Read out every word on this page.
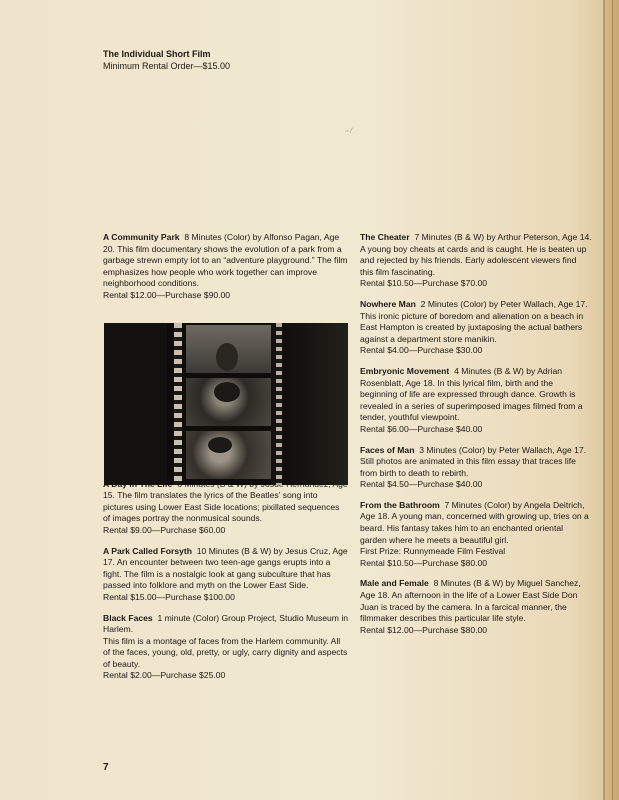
The Individual Short Film
Minimum Rental Order—$15.00
~ ⁄

A Community Park 8 Minutes (Color) by Alfonso Pagan, Age 20. This film documentary shows the evolution of a park from a garbage strewn empty lot to an “adventure playground.” The film emphasizes how people who work together can improve neighborhood conditions.

Rental $12.00—Purchase $90.00

15. The film translates the lyrics of the Beatles' song into pictures using Lower East Side locations; pixillated sequences of images portray the nonmusical sounds.

Rental $9.00—Purchase $60.00

A Park Called Forsyth 10 Minutes (B & W) by Jesus Cruz, Age 17. An encounter between two teen-age gangs erupts into a fight. The film is a nostalgic look at gang subculture that has passed into folklore and myth on the Lower East Side.

Rental $15.00—Purchase $100.00

Black Faces 1 minute (Color) Group Project, Studio Museum in Harlem.

This film is a montage of faces from the Harlem community. All of the faces, young, old, pretty, or ugly, carry dignity and aspects of beauty.

Rental $2.00—Purchase $25.00

The Cheater 7 Minutes (B & W) by Arthur Peterson, Age 14. A young boy cheats at cards and is caught. He is beaten up and rejected by his friends. Early adolescent viewers find this film fascinating.

Rental $10.50—Purchase $70.00

Nowhere Man 2 Minutes (Color) by Peter Wallach, Age 17. This ironic picture of boredom and alienation on a beach in East Hampton is created by juxtaposing the actual bathers against a department store manikin.

Rental $4.00—Purchase $30.00

Embryonic Movement 4 Minutes (B & W) by Adrian Rosenblatt, Age 18. In this lyrical film, birth and the beginning of life are expressed through dance. Growth is revealed in a series of superimposed images filmed from a tender, youthful viewpoint.

Rental $6.00—Purchase $40.00

Faces of Man 3 Minutes (Color) by Peter Wallach, Age 17. Still photos are animated in this film essay that traces life from birth to death to rebirth.

Rental $4.50—Purchase $40.00

From the Bathroom 7 Minutes (Color) by Angela Deitrich, Age 18. A young man, concerned with growing up, tries on a beard. His fantasy takes him to an enchanted oriental garden where he meets a beautiful girl.

First Prize: Runnymeade Film Festival

Rental $10.50—Purchase $80.00

Male and Female 8 Minutes (B & W) by Miguel Sanchez, Age 18. An afternoon in the life of a Lower East Side Don Juan is traced by the camera. In a farcical manner, the filmmaker describes this particular life style.

Rental $12.00—Purchase $80.00

7
